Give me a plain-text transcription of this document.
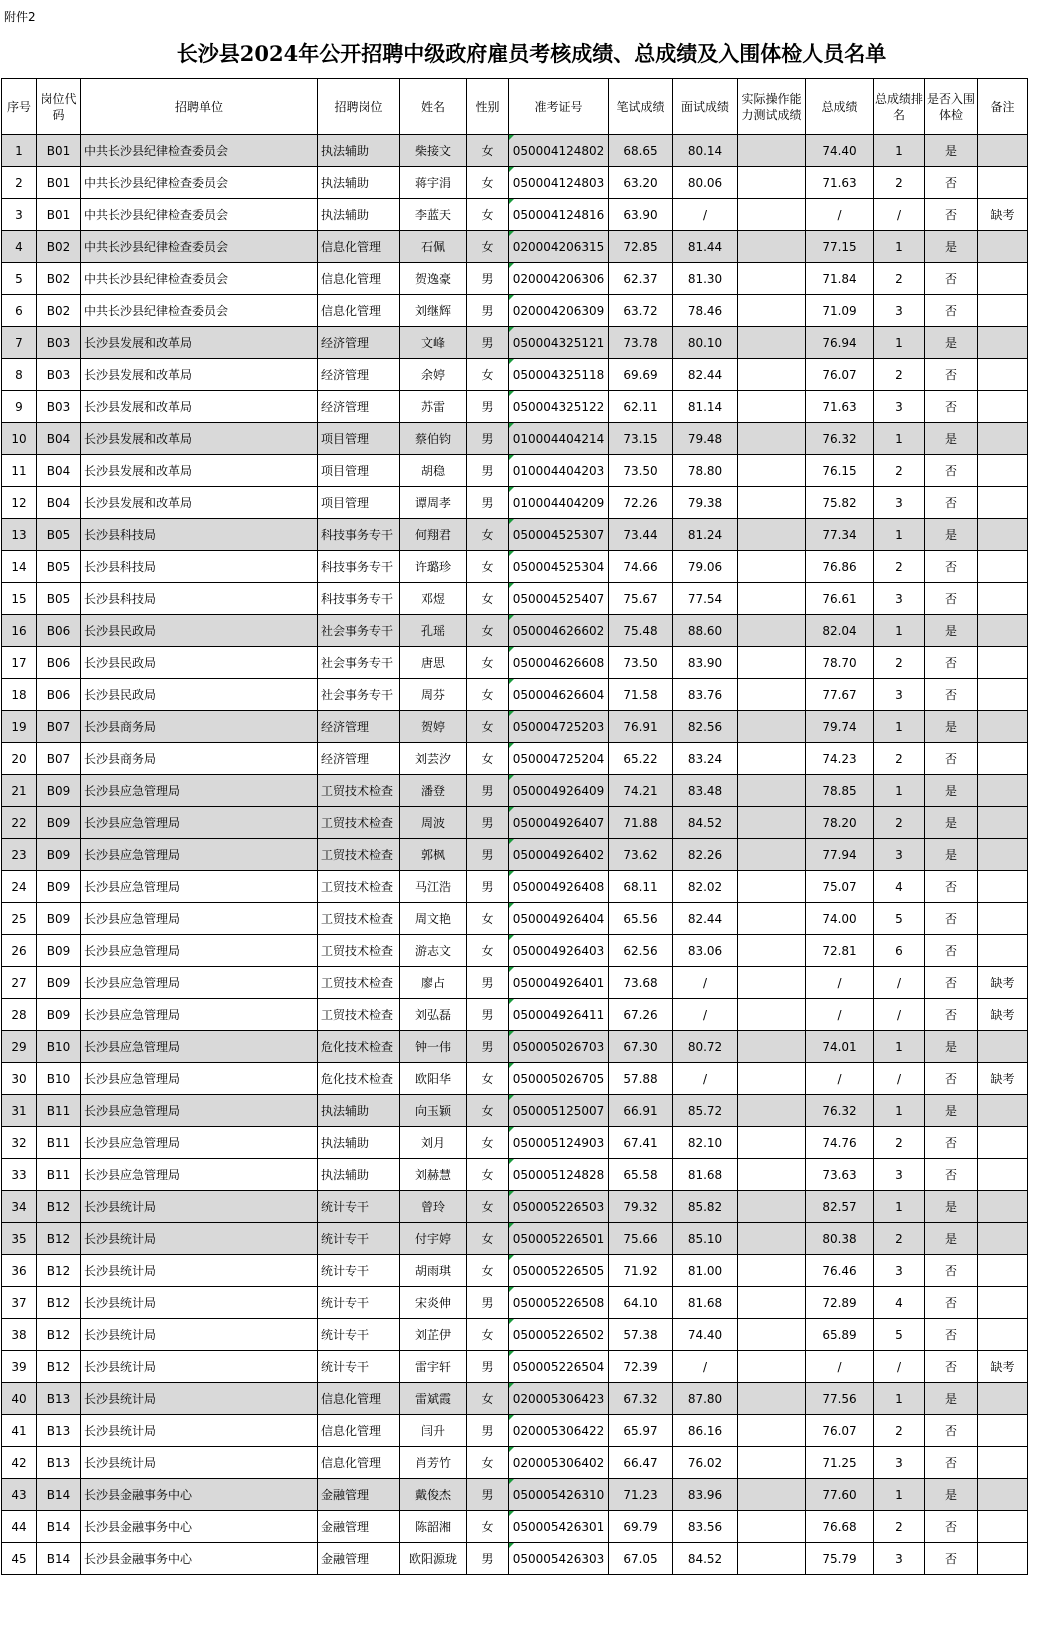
附件2
长沙县2024年公开招聘中级政府雇员考核成绩、总成绩及入围体检人员名单
序号	岗位代码	招聘单位	招聘岗位	姓名	性别	准考证号	笔试成绩	面试成绩	实际操作能力测试成绩	总成绩	总成绩排名	是否入围体检	备注
1	B01	中共长沙县纪律检查委员会	执法辅助	柴接文	女	050004124802	68.65	80.14		74.40	1	是	
2	B01	中共长沙县纪律检查委员会	执法辅助	蒋宇涓	女	050004124803	63.20	80.06		71.63	2	否	
3	B01	中共长沙县纪律检查委员会	执法辅助	李蓝天	女	050004124816	63.90	/		/	/	否	缺考
4	B02	中共长沙县纪律检查委员会	信息化管理	石佩	女	020004206315	72.85	81.44		77.15	1	是	
5	B02	中共长沙县纪律检查委员会	信息化管理	贺逸豪	男	020004206306	62.37	81.30		71.84	2	否	
6	B02	中共长沙县纪律检查委员会	信息化管理	刘继辉	男	020004206309	63.72	78.46		71.09	3	否	
7	B03	长沙县发展和改革局	经济管理	文峰	男	050004325121	73.78	80.10		76.94	1	是	
8	B03	长沙县发展和改革局	经济管理	余婷	女	050004325118	69.69	82.44		76.07	2	否	
9	B03	长沙县发展和改革局	经济管理	苏雷	男	050004325122	62.11	81.14		71.63	3	否	
10	B04	长沙县发展和改革局	项目管理	蔡伯钧	男	010004404214	73.15	79.48		76.32	1	是	
11	B04	长沙县发展和改革局	项目管理	胡稳	男	010004404203	73.50	78.80		76.15	2	否	
12	B04	长沙县发展和改革局	项目管理	谭周孝	男	010004404209	72.26	79.38		75.82	3	否	
13	B05	长沙县科技局	科技事务专干	何翔君	女	050004525307	73.44	81.24		77.34	1	是	
14	B05	长沙县科技局	科技事务专干	许璐珍	女	050004525304	74.66	79.06		76.86	2	否	
15	B05	长沙县科技局	科技事务专干	邓煜	女	050004525407	75.67	77.54		76.61	3	否	
16	B06	长沙县民政局	社会事务专干	孔瑶	女	050004626602	75.48	88.60		82.04	1	是	
17	B06	长沙县民政局	社会事务专干	唐思	女	050004626608	73.50	83.90		78.70	2	否	
18	B06	长沙县民政局	社会事务专干	周芬	女	050004626604	71.58	83.76		77.67	3	否	
19	B07	长沙县商务局	经济管理	贺婷	女	050004725203	76.91	82.56		79.74	1	是	
20	B07	长沙县商务局	经济管理	刘芸汐	女	050004725204	65.22	83.24		74.23	2	否	
21	B09	长沙县应急管理局	工贸技术检查	潘登	男	050004926409	74.21	83.48		78.85	1	是	
22	B09	长沙县应急管理局	工贸技术检查	周波	男	050004926407	71.88	84.52		78.20	2	是	
23	B09	长沙县应急管理局	工贸技术检查	郭枫	男	050004926402	73.62	82.26		77.94	3	是	
24	B09	长沙县应急管理局	工贸技术检查	马江浩	男	050004926408	68.11	82.02		75.07	4	否	
25	B09	长沙县应急管理局	工贸技术检查	周文艳	女	050004926404	65.56	82.44		74.00	5	否	
26	B09	长沙县应急管理局	工贸技术检查	游志文	女	050004926403	62.56	83.06		72.81	6	否	
27	B09	长沙县应急管理局	工贸技术检查	廖占	男	050004926401	73.68	/		/	/	否	缺考
28	B09	长沙县应急管理局	工贸技术检查	刘弘磊	男	050004926411	67.26	/		/	/	否	缺考
29	B10	长沙县应急管理局	危化技术检查	钟一伟	男	050005026703	67.30	80.72		74.01	1	是	
30	B10	长沙县应急管理局	危化技术检查	欧阳华	女	050005026705	57.88	/		/	/	否	缺考
31	B11	长沙县应急管理局	执法辅助	向玉颖	女	050005125007	66.91	85.72		76.32	1	是	
32	B11	长沙县应急管理局	执法辅助	刘月	女	050005124903	67.41	82.10		74.76	2	否	
33	B11	长沙县应急管理局	执法辅助	刘赫慧	女	050005124828	65.58	81.68		73.63	3	否	
34	B12	长沙县统计局	统计专干	曾玲	女	050005226503	79.32	85.82		82.57	1	是	
35	B12	长沙县统计局	统计专干	付宇婷	女	050005226501	75.66	85.10		80.38	2	是	
36	B12	长沙县统计局	统计专干	胡雨琪	女	050005226505	71.92	81.00		76.46	3	否	
37	B12	长沙县统计局	统计专干	宋炎伸	男	050005226508	64.10	81.68		72.89	4	否	
38	B12	长沙县统计局	统计专干	刘芷伊	女	050005226502	57.38	74.40		65.89	5	否	
39	B12	长沙县统计局	统计专干	雷宇轩	男	050005226504	72.39	/		/	/	否	缺考
40	B13	长沙县统计局	信息化管理	雷斌霞	女	020005306423	67.32	87.80		77.56	1	是	
41	B13	长沙县统计局	信息化管理	闫升	男	020005306422	65.97	86.16		76.07	2	否	
42	B13	长沙县统计局	信息化管理	肖芳竹	女	020005306402	66.47	76.02		71.25	3	否	
43	B14	长沙县金融事务中心	金融管理	戴俊杰	男	050005426310	71.23	83.96		77.60	1	是	
44	B14	长沙县金融事务中心	金融管理	陈韶湘	女	050005426301	69.79	83.56		76.68	2	否	
45	B14	长沙县金融事务中心	金融管理	欧阳源珑	男	050005426303	67.05	84.52		75.79	3	否	
